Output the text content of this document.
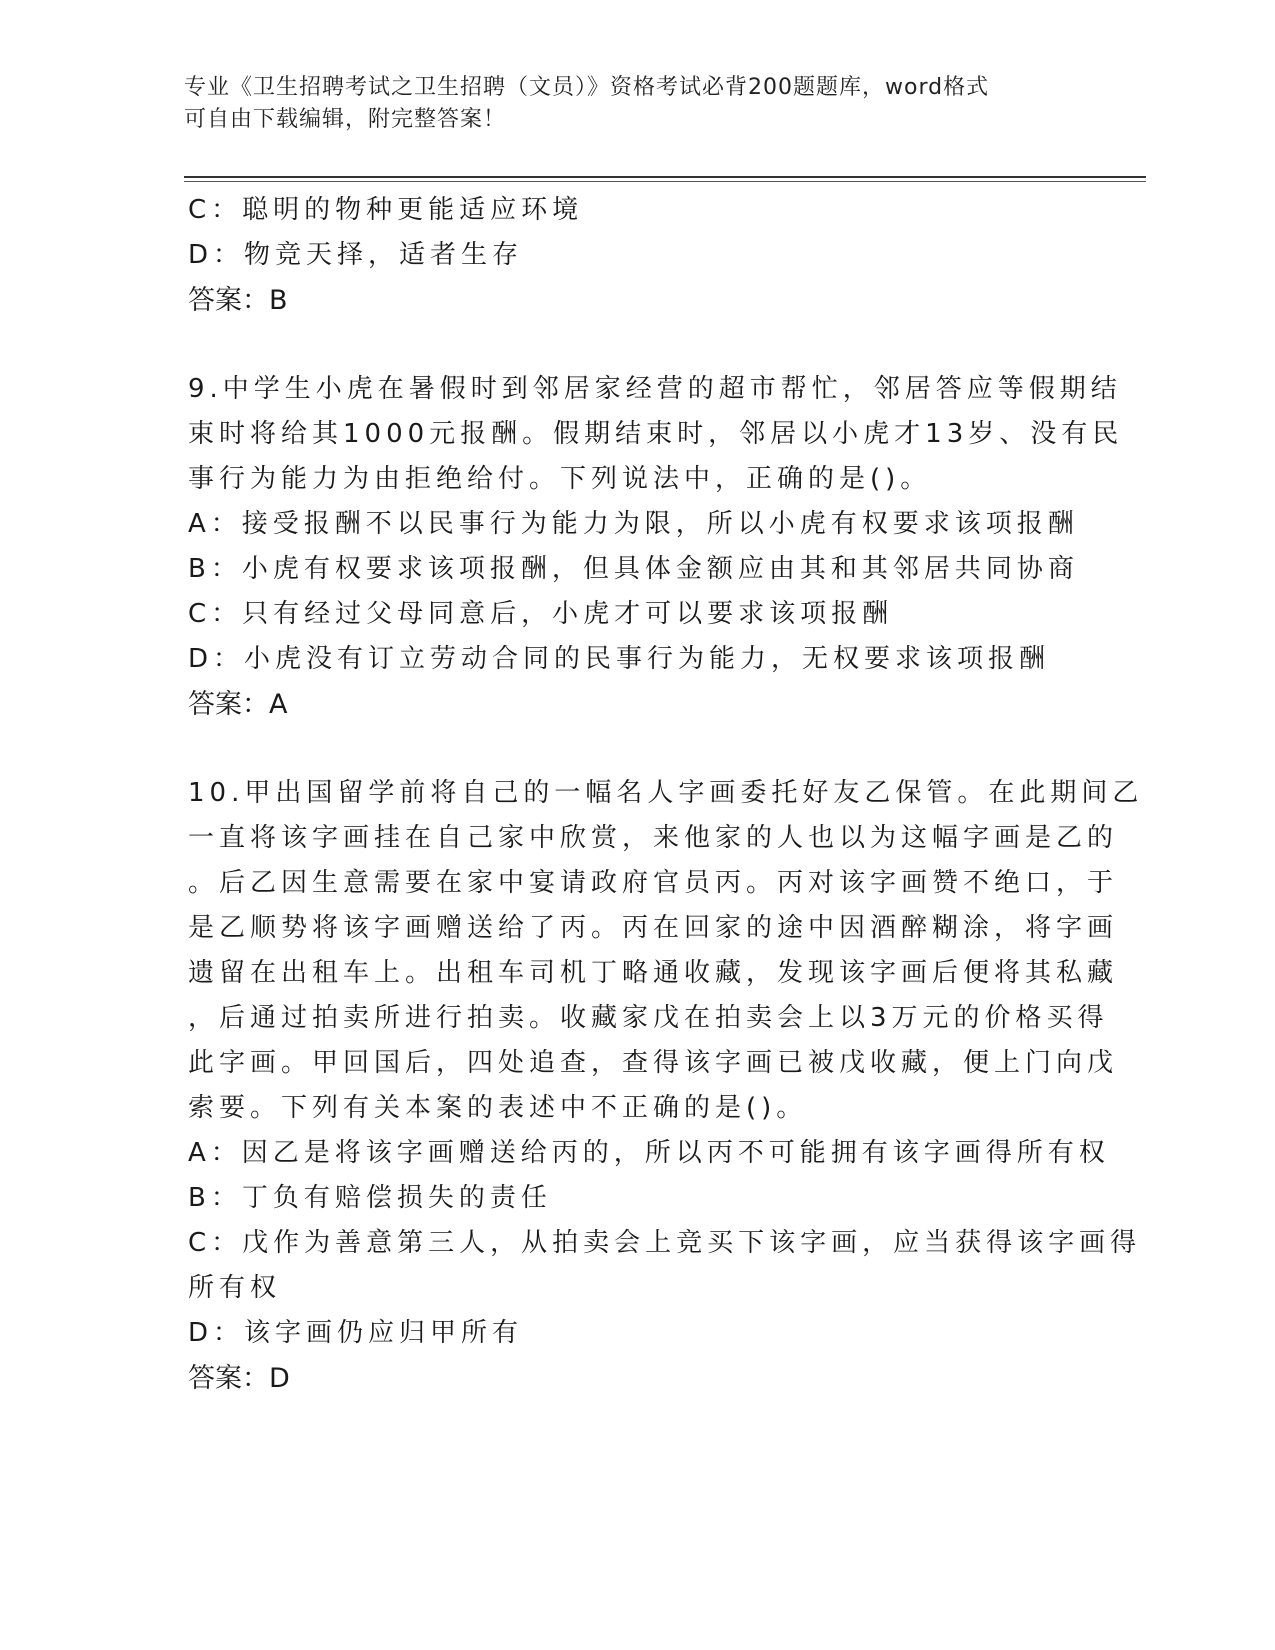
专业《卫生招聘考试之卫生招聘（文员）》资格考试必背200题题库，word格式
可自由下载编辑，附完整答案！
C：聪明的物种更能适应环境
D：物竞天择，适者生存
答案：B
9.中学生小虎在暑假时到邻居家经营的超市帮忙，邻居答应等假期结
束时将给其1000元报酬。假期结束时，邻居以小虎才13岁、没有民
事行为能力为由拒绝给付。下列说法中，正确的是()。
A：接受报酬不以民事行为能力为限，所以小虎有权要求该项报酬
B：小虎有权要求该项报酬，但具体金额应由其和其邻居共同协商
C：只有经过父母同意后，小虎才可以要求该项报酬
D：小虎没有订立劳动合同的民事行为能力，无权要求该项报酬
答案：A
10.甲出国留学前将自己的一幅名人字画委托好友乙保管。在此期间乙
一直将该字画挂在自己家中欣赏，来他家的人也以为这幅字画是乙的
。后乙因生意需要在家中宴请政府官员丙。丙对该字画赞不绝口，于
是乙顺势将该字画赠送给了丙。丙在回家的途中因酒醉糊涂，将字画
遗留在出租车上。出租车司机丁略通收藏，发现该字画后便将其私藏
，后通过拍卖所进行拍卖。收藏家戊在拍卖会上以3万元的价格买得
此字画。甲回国后，四处追查，查得该字画已被戊收藏，便上门向戊
索要。下列有关本案的表述中不正确的是()。
A：因乙是将该字画赠送给丙的，所以丙不可能拥有该字画得所有权
B：丁负有赔偿损失的责任
C：戊作为善意第三人，从拍卖会上竞买下该字画，应当获得该字画得
所有权
D：该字画仍应归甲所有
答案：D
